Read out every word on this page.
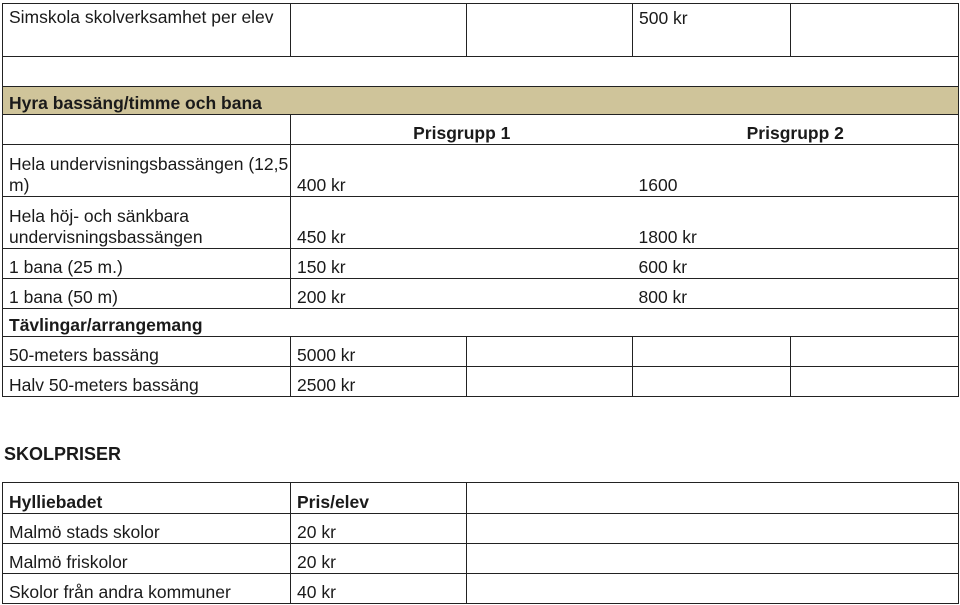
Simskola skolverksamhet per elev			500 kr	

Hyra bassäng/timme och bana				
	Prisgrupp 1		Prisgrupp 2	
Hela undervisningsbassängen (12,5 m)	400 kr		1600	
Hela höj- och sänkbara undervisningsbassängen	450 kr		1800 kr	
1 bana (25 m.)	150 kr		600 kr	
1 bana (50 m)	200 kr		800 kr	
Tävlingar/arrangemang				
50-meters bassäng	5000 kr			
Halv 50-meters bassäng	2500 kr			
SKOLPRISER
Hylliebadet	Pris/elev	
Malmö stads skolor	20 kr	
Malmö friskolor	20 kr	
Skolor från andra kommuner	40 kr	
